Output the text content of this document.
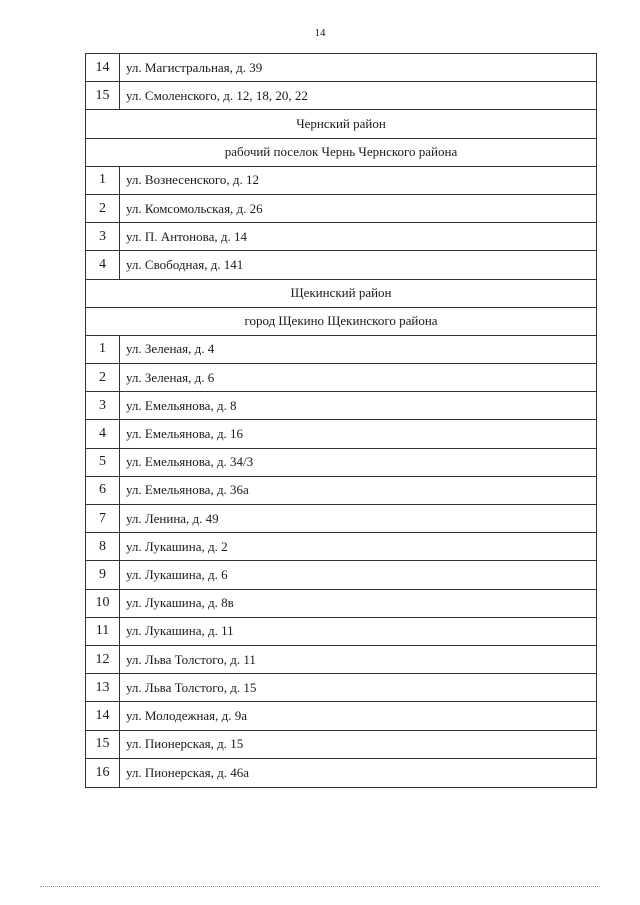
14
14	ул. Магистральная, д. 39
15	ул. Смоленского, д. 12, 18, 20, 22
Чернский район
рабочий поселок Чернь Чернского района
1	ул. Вознесенского, д. 12
2	ул. Комсомольская, д. 26
3	ул. П. Антонова, д. 14
4	ул. Свободная, д. 141
Щекинский район
город Щекино Щекинского района
1	ул. Зеленая, д. 4
2	ул. Зеленая, д. 6
3	ул. Емельянова, д. 8
4	ул. Емельянова, д. 16
5	ул. Емельянова, д. 34/3
6	ул. Емельянова, д. 36а
7	ул. Ленина, д. 49
8	ул. Лукашина, д. 2
9	ул. Лукашина, д. 6
10	ул. Лукашина, д. 8в
11	ул. Лукашина, д. 11
12	ул. Льва Толстого, д. 11
13	ул. Льва Толстого, д. 15
14	ул. Молодежная, д. 9а
15	ул. Пионерская, д. 15
16	ул. Пионерская, д. 46а
